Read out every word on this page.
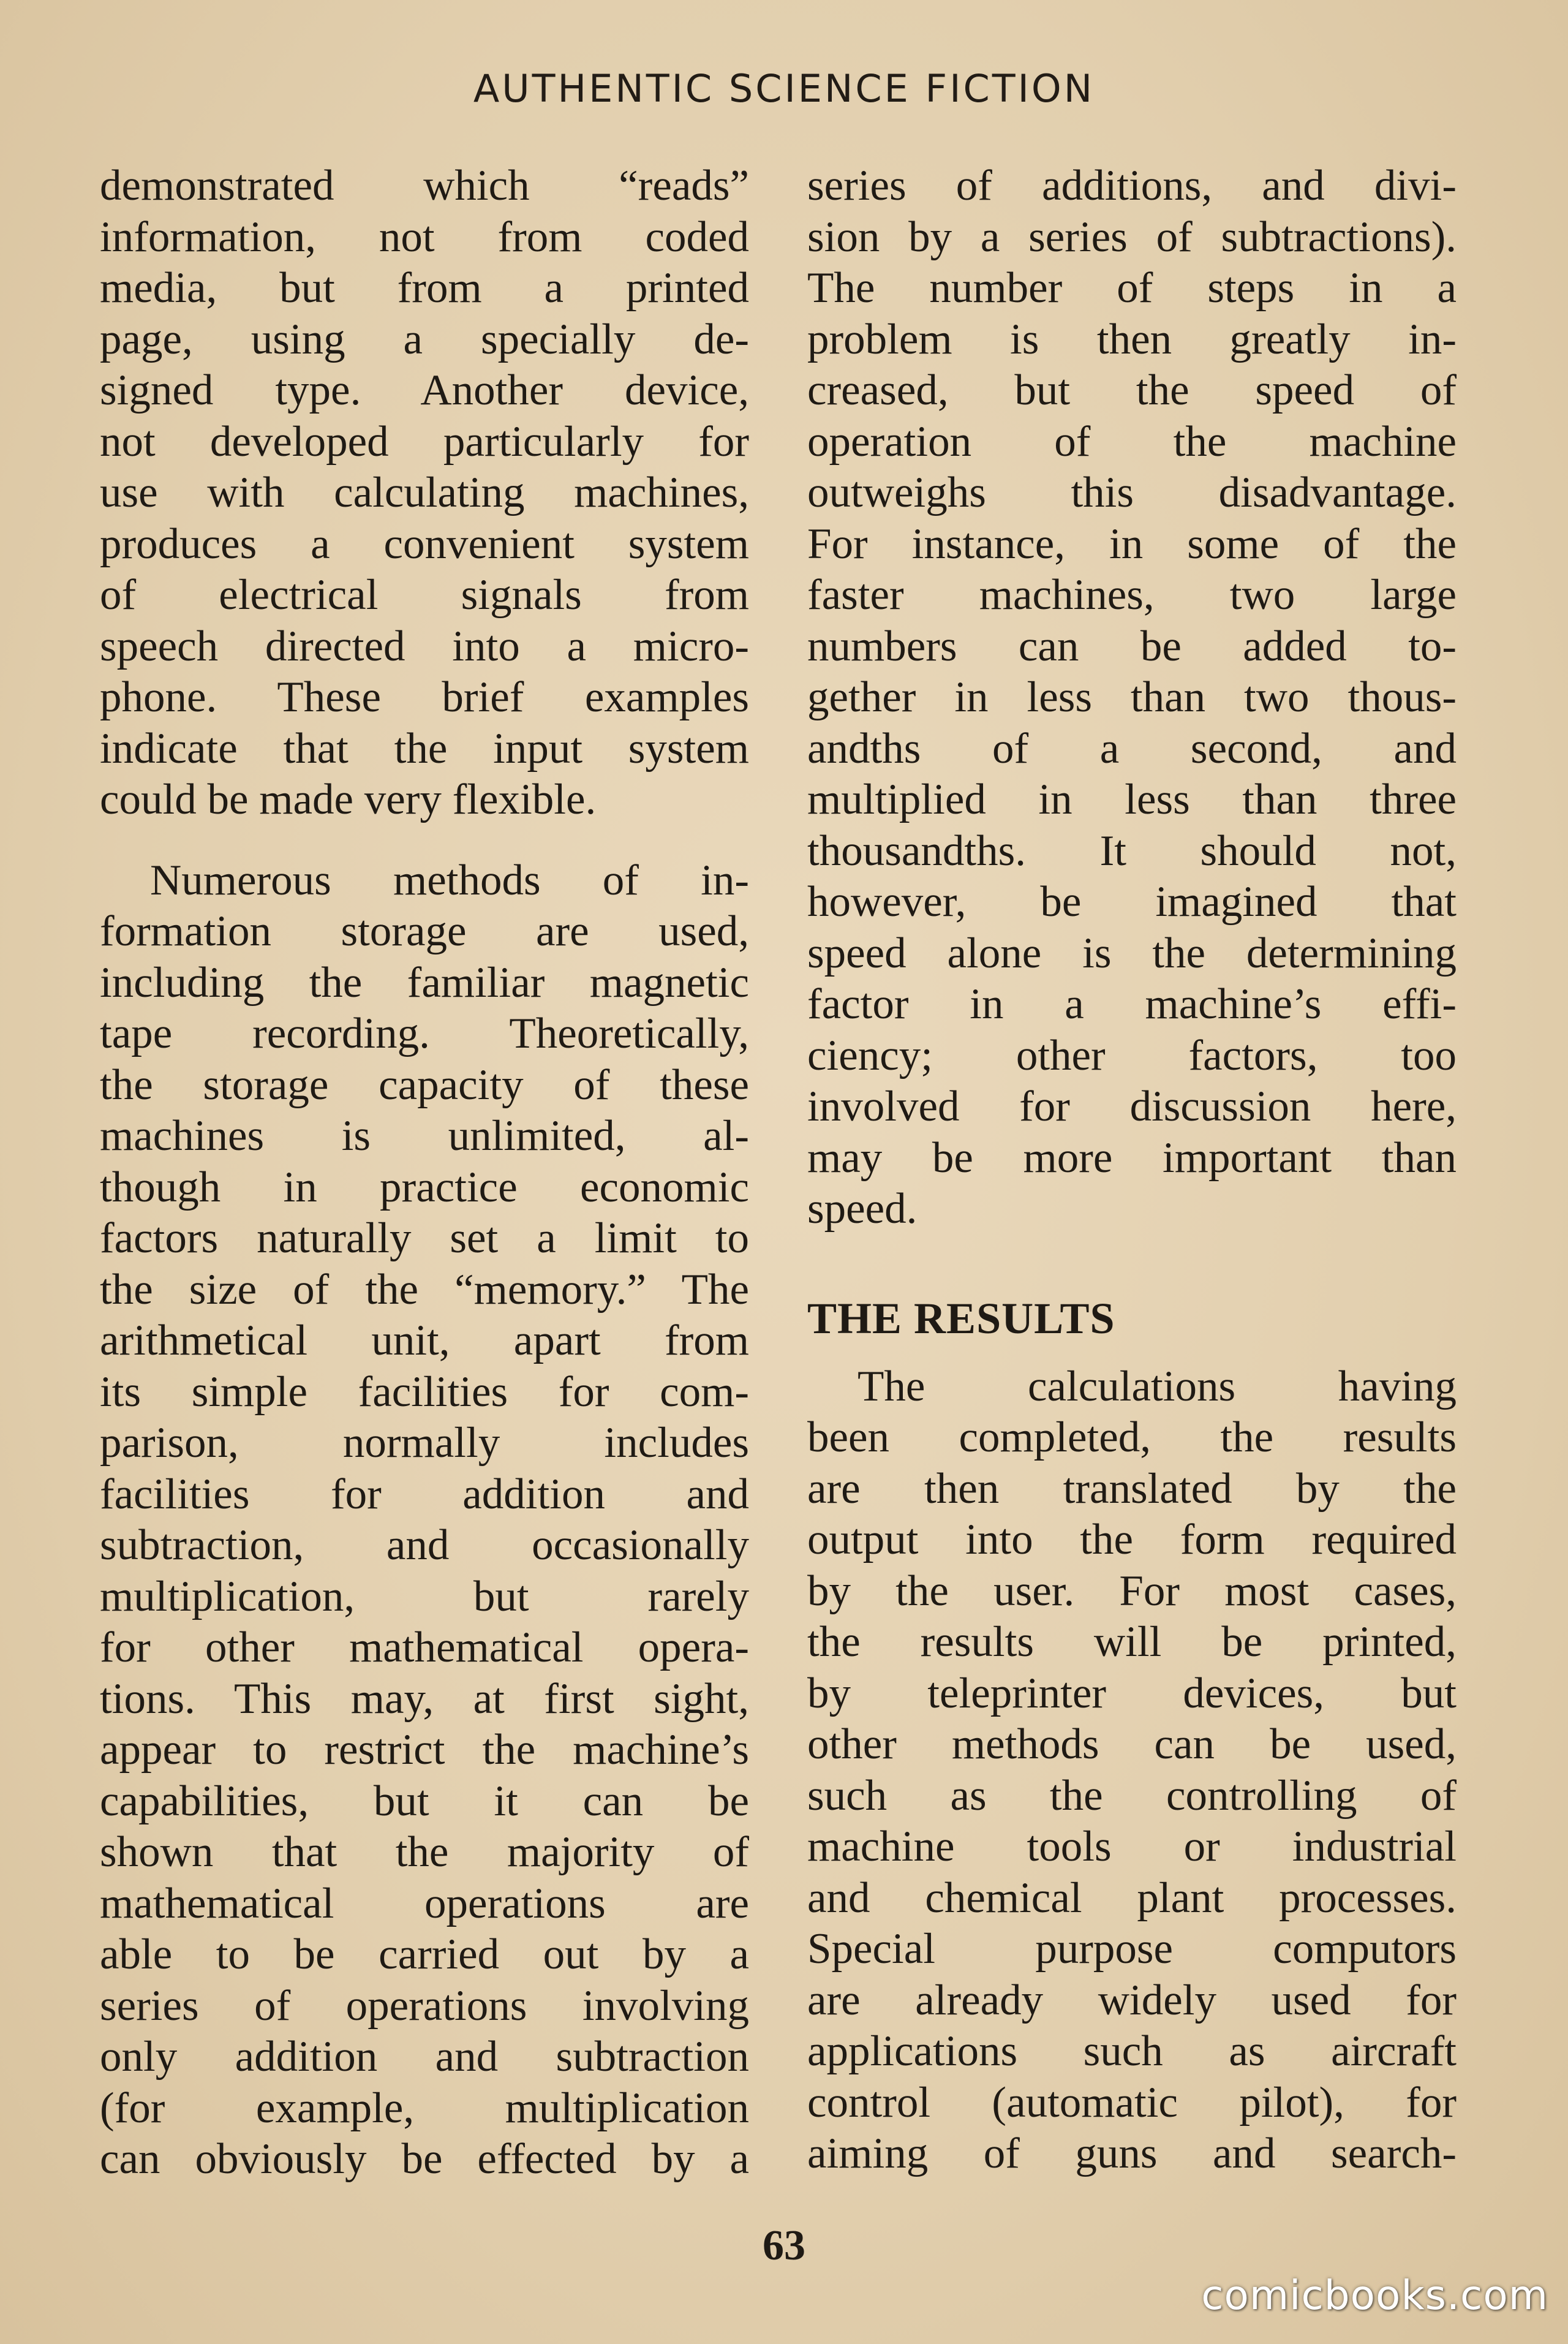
AUTHENTIC SCIENCE FICTION
demonstrated which “reads”
information, not from coded
media, but from a printed
page, using a specially de-
signed type. Another device,
not developed particularly for
use with calculating machines,
produces a convenient system
of electrical signals from
speech directed into a micro-
phone. These brief examples
indicate that the input system
could be made very flexible.
Numerous methods of in-
formation storage are used,
including the familiar magnetic
tape recording. Theoretically,
the storage capacity of these
machines is unlimited, al-
though in practice economic
factors naturally set a limit to
the size of the “memory.” The
arithmetical unit, apart from
its simple facilities for com-
parison, normally includes
facilities for addition and
subtraction, and occasionally
multiplication, but rarely
for other mathematical opera-
tions. This may, at first sight,
appear to restrict the machine’s
capabilities, but it can be
shown that the majority of
mathematical operations are
able to be carried out by a
series of operations involving
only addition and subtraction
(for example, multiplication
can obviously be effected by a
series of additions, and divi-
sion by a series of subtractions).
The number of steps in a
problem is then greatly in-
creased, but the speed of
operation of the machine
outweighs this disadvantage.
For instance, in some of the
faster machines, two large
numbers can be added to-
gether in less than two thous-
andths of a second, and
multiplied in less than three
thousandths. It should not,
however, be imagined that
speed alone is the determining
factor in a machine’s effi-
ciency; other factors, too
involved for discussion here,
may be more important than
speed.
THE RESULTS
The calculations having
been completed, the results
are then translated by the
output into the form required
by the user. For most cases,
the results will be printed,
by teleprinter devices, but
other methods can be used,
such as the controlling of
machine tools or industrial
and chemical plant processes.
Special purpose computors
are already widely used for
applications such as aircraft
control (automatic pilot), for
aiming of guns and search-
63
comicbooks.com
